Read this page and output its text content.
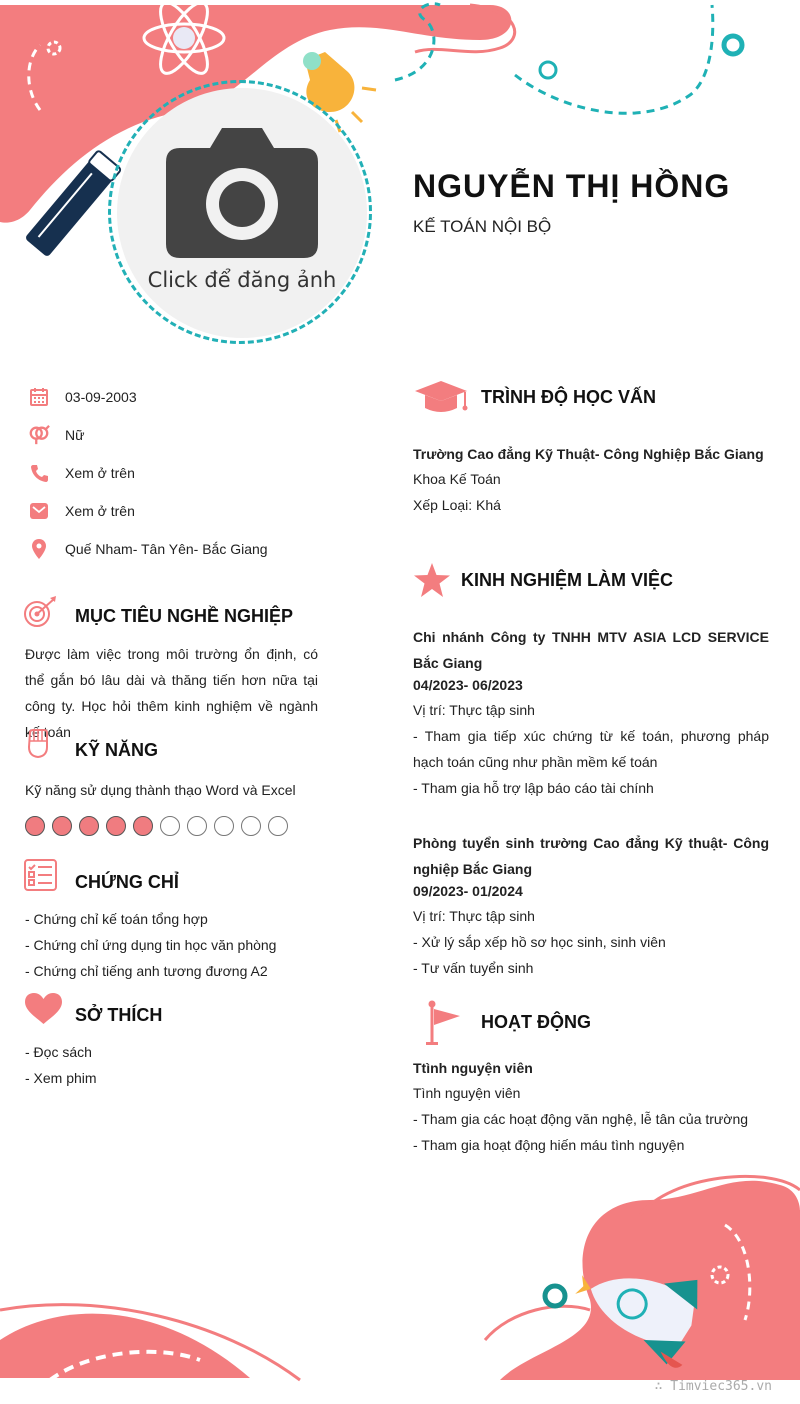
Click để đăng ảnh
NGUYỄN THỊ HỒNG
KẾ TOÁN NỘI BỘ
03-09-2003
Nữ
Xem ở trên
Xem ở trên
Quế Nham- Tân Yên- Bắc Giang
MỤC TIÊU NGHỀ NGHIỆP
Được làm việc trong môi trường ổn định, có thể gắn bó lâu dài và thăng tiến hơn nữa tại công ty. Học hỏi thêm kinh nghiệm về ngành kế toán
KỸ NĂNG
Kỹ năng sử dụng thành thạo Word và Excel
CHỨNG CHỈ
- Chứng chỉ kế toán tổng hợp
- Chứng chỉ ứng dụng tin học văn phòng
- Chứng chỉ tiếng anh tương đương A2
SỞ THÍCH
- Đọc sách
- Xem phim
TRÌNH ĐỘ HỌC VẤN
Trường Cao đẳng Kỹ Thuật- Công Nghiệp Bắc Giang
Khoa Kế Toán
Xếp Loại: Khá
KINH NGHIỆM LÀM VIỆC
Chi nhánh Công ty TNHH MTV ASIA LCD SERVICE Bắc Giang
04/2023- 06/2023
Vị trí: Thực tập sinh
- Tham gia tiếp xúc chứng từ kế toán, phương pháp hạch toán cũng như phần mềm kế toán
- Tham gia hỗ trợ lập báo cáo tài chính
Phòng tuyển sinh trường Cao đẳng Kỹ thuật- Công nghiệp Bắc Giang
09/2023- 01/2024
Vị trí: Thực tập sinh
- Xử lý sắp xếp hồ sơ học sinh, sinh viên
- Tư vấn tuyển sinh
HOẠT ĐỘNG
Ttình nguyện viên
Tình nguyện viên
- Tham gia các hoạt động văn nghệ, lễ tân của trường
- Tham gia hoạt động hiến máu tình nguyện
∴ Timviec365.vn
